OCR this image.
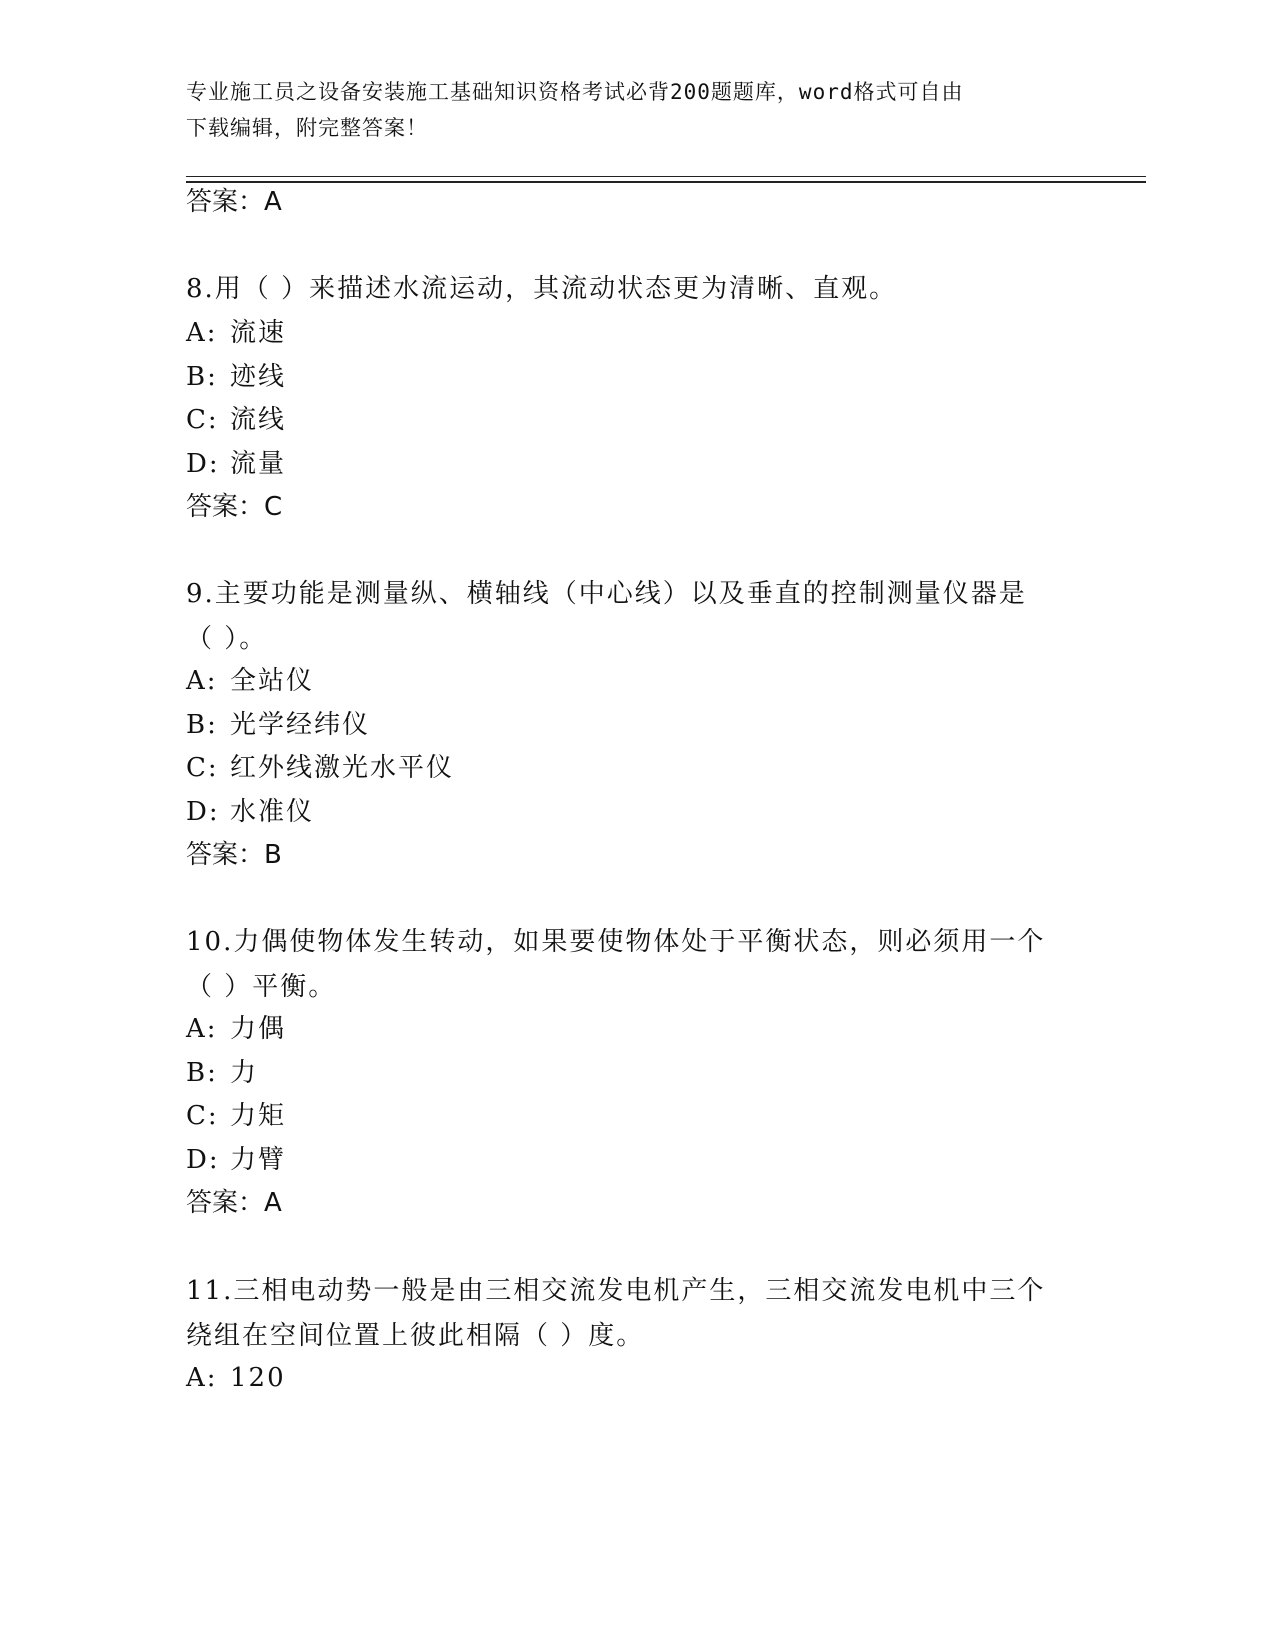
专业施工员之设备安装施工基础知识资格考试必背200题题库，word格式可自由
下载编辑，附完整答案！
答案：A
8.用（ ）来描述水流运动，其流动状态更为清晰、直观。
A: 流速
B: 迹线
C: 流线
D: 流量
答案：C
9.主要功能是测量纵、横轴线（中心线）以及垂直的控制测量仪器是
（ ）。
A: 全站仪
B: 光学经纬仪
C: 红外线激光水平仪
D: 水准仪
答案：B
10.力偶使物体发生转动，如果要使物体处于平衡状态，则必须用一个
（ ）平衡。
A: 力偶
B: 力
C: 力矩
D: 力臂
答案：A
11.三相电动势一般是由三相交流发电机产生，三相交流发电机中三个
绕组在空间位置上彼此相隔（ ）度。
A: 120
